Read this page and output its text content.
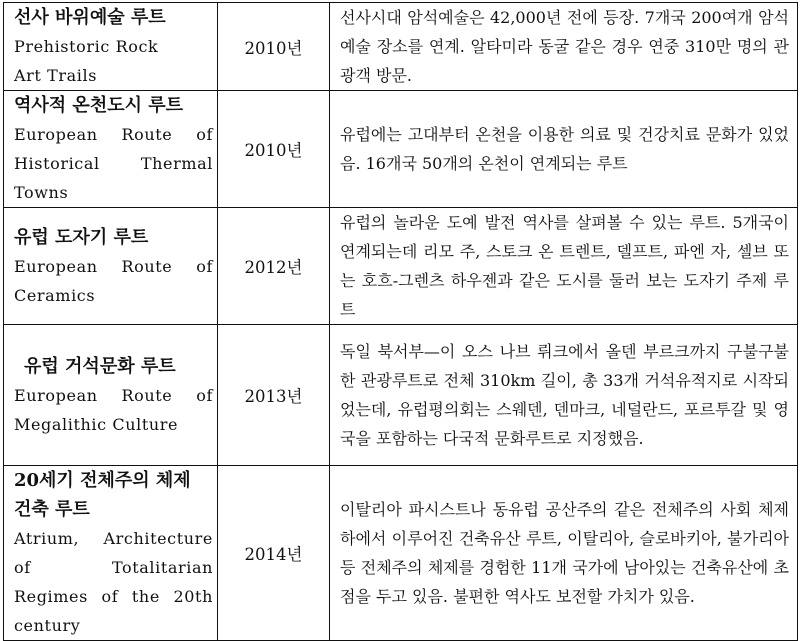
선사 바위예술 루트
Prehistoric Rock
Art Trails	2010년	선사시대 암석예술은 42,000년 전에 등장. 7개국 200여개 암석예술 장소를 연계. 알타미라 동굴 같은 경우 연중 310만 명의 관광객 방문.

역사적 온천도시 루트
European Route of
Historical Thermal
Towns	2010년	유럽에는 고대부터 온천을 이용한 의료 및 건강치료 문화가 있었음. 16개국 50개의 온천이 연계되는 루트

유럽 도자기 루트
European Route of
Ceramics	2012년	유럽의 놀라운 도예 발전 역사를 살펴볼 수 있는 루트. 5개국이 연계되는데 리모 주, 스토크 온 트렌트, 델프트, 파엔 자, 셀브 또는 호흐-그렌츠 하우젠과 같은 도시를 둘러 보는 도자기 주제 루트

유럽 거석문화 루트
European Route of
Megalithic Culture	2013년	독일 북서부—이 오스 나브 뤼크에서 올덴 부르크까지 구불구불한 관광루트로 전체 310km 길이, 총 33개 거석유적지로 시작되었는데, 유럽평의회는 스웨덴, 덴마크, 네덜란드, 포르투갈 및 영국을 포함하는 다국적 문화루트로 지정했음.

20세기 전체주의 체제 건축 루트
Atrium, Architecture
of Totalitarian
Regimes of the 20th
century	2014년	이탈리아 파시스트나 동유럽 공산주의 같은 전체주의 사회 체제 하에서 이루어진 건축유산 루트, 이탈리아, 슬로바키아, 불가리아 등 전체주의 체제를 경험한 11개 국가에 남아있는 건축유산에 초점을 두고 있음. 불편한 역사도 보전할 가치가 있음.
